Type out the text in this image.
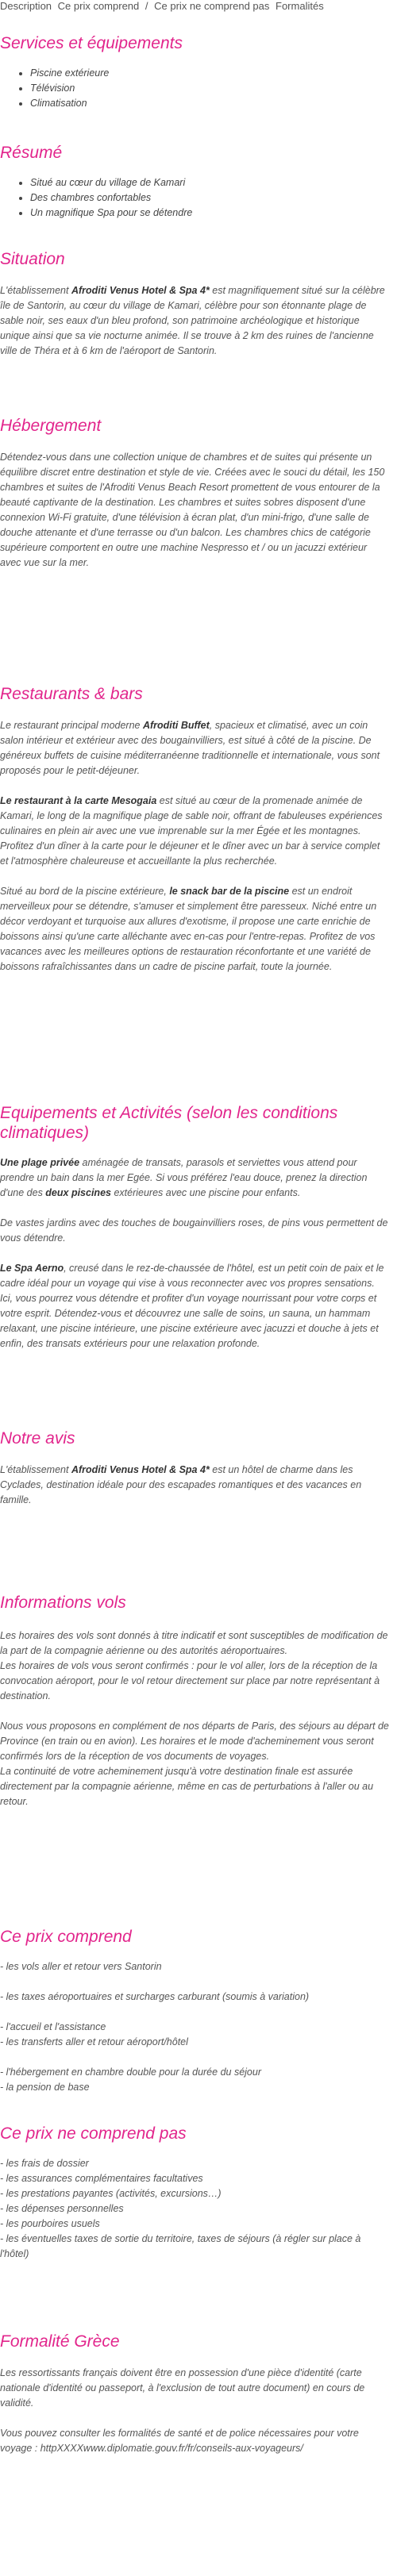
Description Ce prix comprend / Ce prix ne comprend pas Formalités
Services et équipements
• Piscine extérieure
• Télévision
• Climatisation
Résumé
• Situé au cœur du village de Kamari
• Des chambres confortables
• Un magnifique Spa pour se détendre
Situation

L'établissement Afroditi Venus Hotel & Spa 4* est magnifiquement situé sur la célèbre île de Santorin, au cœur du village de Kamari, célèbre pour son étonnante plage de sable noir, ses eaux d'un bleu profond, son patrimoine archéologique et historique unique ainsi que sa vie nocturne animée. Il se trouve à 2 km des ruines de l'ancienne ville de Théra et à 6 km de l'aéroport de Santorin.

Hébergement

Détendez-vous dans une collection unique de chambres et de suites qui présente un équilibre discret entre destination et style de vie. Créées avec le souci du détail, les 150 chambres et suites de l'Afroditi Venus Beach Resort promettent de vous entourer de la beauté captivante de la destination. Les chambres et suites sobres disposent d'une connexion Wi-Fi gratuite, d'une télévision à écran plat, d'un mini-frigo, d'une salle de douche attenante et d'une terrasse ou d'un balcon. Les chambres chics de catégorie supérieure comportent en outre une machine Nespresso et / ou un jacuzzi extérieur avec vue sur la mer.

Restaurants & bars

Le restaurant principal moderne Afroditi Buffet, spacieux et climatisé, avec un coin salon intérieur et extérieur avec des bougainvilliers, est situé à côté de la piscine. De généreux buffets de cuisine méditerranéenne traditionnelle et internationale, vous sont proposés pour le petit-déjeuner.

Le restaurant à la carte Mesogaia est situé au cœur de la promenade animée de Kamari, le long de la magnifique plage de sable noir, offrant de fabuleuses expériences culinaires en plein air avec une vue imprenable sur la mer Égée et les montagnes. Profitez d'un dîner à la carte pour le déjeuner et le dîner avec un bar à service complet et l'atmosphère chaleureuse et accueillante la plus recherchée.

Situé au bord de la piscine extérieure, le snack bar de la piscine est un endroit merveilleux pour se détendre, s'amuser et simplement être paresseux. Niché entre un décor verdoyant et turquoise aux allures d'exotisme, il propose une carte enrichie de boissons ainsi qu'une carte alléchante avec en-cas pour l'entre-repas. Profitez de vos vacances avec les meilleures options de restauration réconfortante et une variété de boissons rafraîchissantes dans un cadre de piscine parfait, toute la journée.

Equipements et Activités (selon les conditions climatiques)

Une plage privée aménagée de transats, parasols et serviettes vous attend pour prendre un bain dans la mer Egée. Si vous préférez l'eau douce, prenez la direction d'une des deux piscines extérieures avec une piscine pour enfants.

De vastes jardins avec des touches de bougainvilliers roses, de pins vous permettent de vous détendre.

Le Spa Aerno, creusé dans le rez-de-chaussée de l'hôtel, est un petit coin de paix et le cadre idéal pour un voyage qui vise à vous reconnecter avec vos propres sensations. Ici, vous pourrez vous détendre et profiter d'un voyage nourrissant pour votre corps et votre esprit. Détendez-vous et découvrez une salle de soins, un sauna, un hammam relaxant, une piscine intérieure, une piscine extérieure avec jacuzzi et douche à jets et enfin, des transats extérieurs pour une relaxation profonde.

Notre avis

L'établissement Afroditi Venus Hotel & Spa 4* est un hôtel de charme dans les Cyclades, destination idéale pour des escapades romantiques et des vacances en famille.

Informations vols

Les horaires des vols sont donnés à titre indicatif et sont susceptibles de modification de la part de la compagnie aérienne ou des autorités aéroportuaires.

Les horaires de vols vous seront confirmés : pour le vol aller, lors de la réception de la convocation aéroport, pour le vol retour directement sur place par notre représentant à destination.

Nous vous proposons en complément de nos départs de Paris, des séjours au départ de Province (en train ou en avion). Les horaires et le mode d'acheminement vous seront confirmés lors de la réception de vos documents de voyages.

La continuité de votre acheminement jusqu'à votre destination finale est assurée directement par la compagnie aérienne, même en cas de perturbations à l'aller ou au retour.

Ce prix comprend
- les vols aller et retour vers Santorin
- les taxes aéroportuaires et surcharges carburant (soumis à variation)
- l'accueil et l'assistance
- les transferts aller et retour aéroport/hôtel
- l'hébergement en chambre double pour la durée du séjour
- la pension de base
Ce prix ne comprend pas
- les frais de dossier
- les assurances complémentaires facultatives
- les prestations payantes (activités, excursions…)
- les dépenses personnelles
- les pourboires usuels
- les éventuelles taxes de sortie du territoire, taxes de séjours (à régler sur place à l'hôtel)
Formalité Grèce

Les ressortissants français doivent être en possession d'une pièce d'identité (carte nationale d'identité ou passeport, à l'exclusion de tout autre document) en cours de validité.

Vous pouvez consulter les formalités de santé et de police nécessaires pour votre voyage : httpXXXXwww.diplomatie.gouv.fr/fr/conseils-aux-voyageurs/
